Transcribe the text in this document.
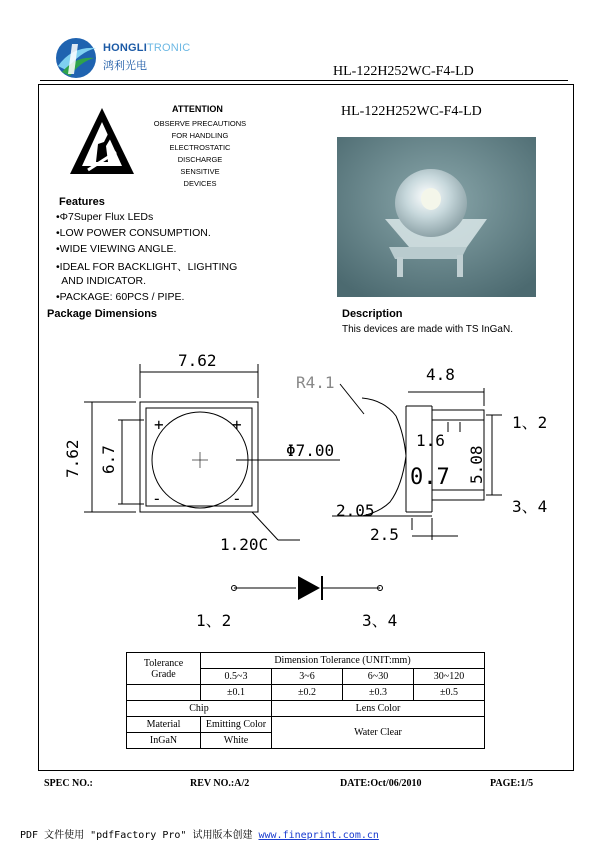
HONGLITRONIC
鸿利光电	HL-122H252WC-F4-LD
ATTENTION
OBSERVE PRECAUTIONS
FOR HANDLING
ELECTROSTATIC
DISCHARGE
SENSITIVE
DEVICES
Features
•Φ7Super Flux LEDs
•LOW POWER CONSUMPTION.
•WIDE VIEWING ANGLE.
•IDEAL FOR BACKLIGHT、LIGHTING
AND INDICATOR.
•PACKAGE: 60PCS / PIPE.
Package Dimensions
HL-122H252WC-F4-LD
Description
This devices are made with TS InGaN.
7.62
7.62 6.7
+	+
-	-
Φ7.00
1.20C
R4.1	4.8
1.6
0.7 5.08
2.05
2.5
1、2
3、4
1、2	3、4
Tolerance
Grade	Dimension Tolerance (UNIT:mm)			
	0.5~3	3~6	6~30	30~120
	±0.1	±0.2	±0.3	±0.5
Chip		Lens Color		
Material	Emitting Color	Water Clear		
InGaN	White			
SPEC NO.:	REV NO.:A/2	DATE:Oct/06/2010	PAGE:1/5
PDF 文件使用 "pdfFactory Pro" 试用版本创建 www.fineprint.com.cn
